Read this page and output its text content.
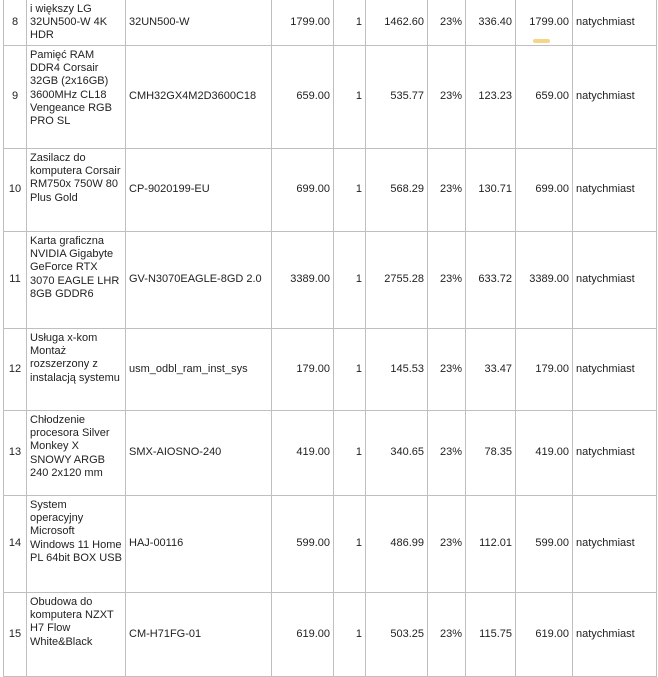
8	i większy LG 32UN500-W 4K HDR	32UN500-W	1799.00	1	1462.60	23%	336.40	1799.00	natychmiast
9	Pamięć RAM DDR4 Corsair 32GB (2x16GB) 3600MHz CL18 Vengeance RGB PRO SL	CMH32GX4M2D3600C18	659.00	1	535.77	23%	123.23	659.00	natychmiast
10	Zasilacz do komputera Corsair RM750x 750W 80 Plus Gold	CP-9020199-EU	699.00	1	568.29	23%	130.71	699.00	natychmiast
11	Karta graficzna NVIDIA Gigabyte GeForce RTX 3070 EAGLE LHR 8GB GDDR6	GV-N3070EAGLE-8GD 2.0	3389.00	1	2755.28	23%	633.72	3389.00	natychmiast
12	Usługa x-kom Montaż rozszerzony z instalacją systemu	usm_odbl_ram_inst_sys	179.00	1	145.53	23%	33.47	179.00	natychmiast
13	Chłodzenie procesora Silver Monkey X SNOWY ARGB 240 2x120 mm	SMX-AIOSNO-240	419.00	1	340.65	23%	78.35	419.00	natychmiast
14	System operacyjny Microsoft Windows 11 Home PL 64bit BOX USB	HAJ-00116	599.00	1	486.99	23%	112.01	599.00	natychmiast
15	Obudowa do komputera NZXT H7 Flow White&Black	CM-H71FG-01	619.00	1	503.25	23%	115.75	619.00	natychmiast
